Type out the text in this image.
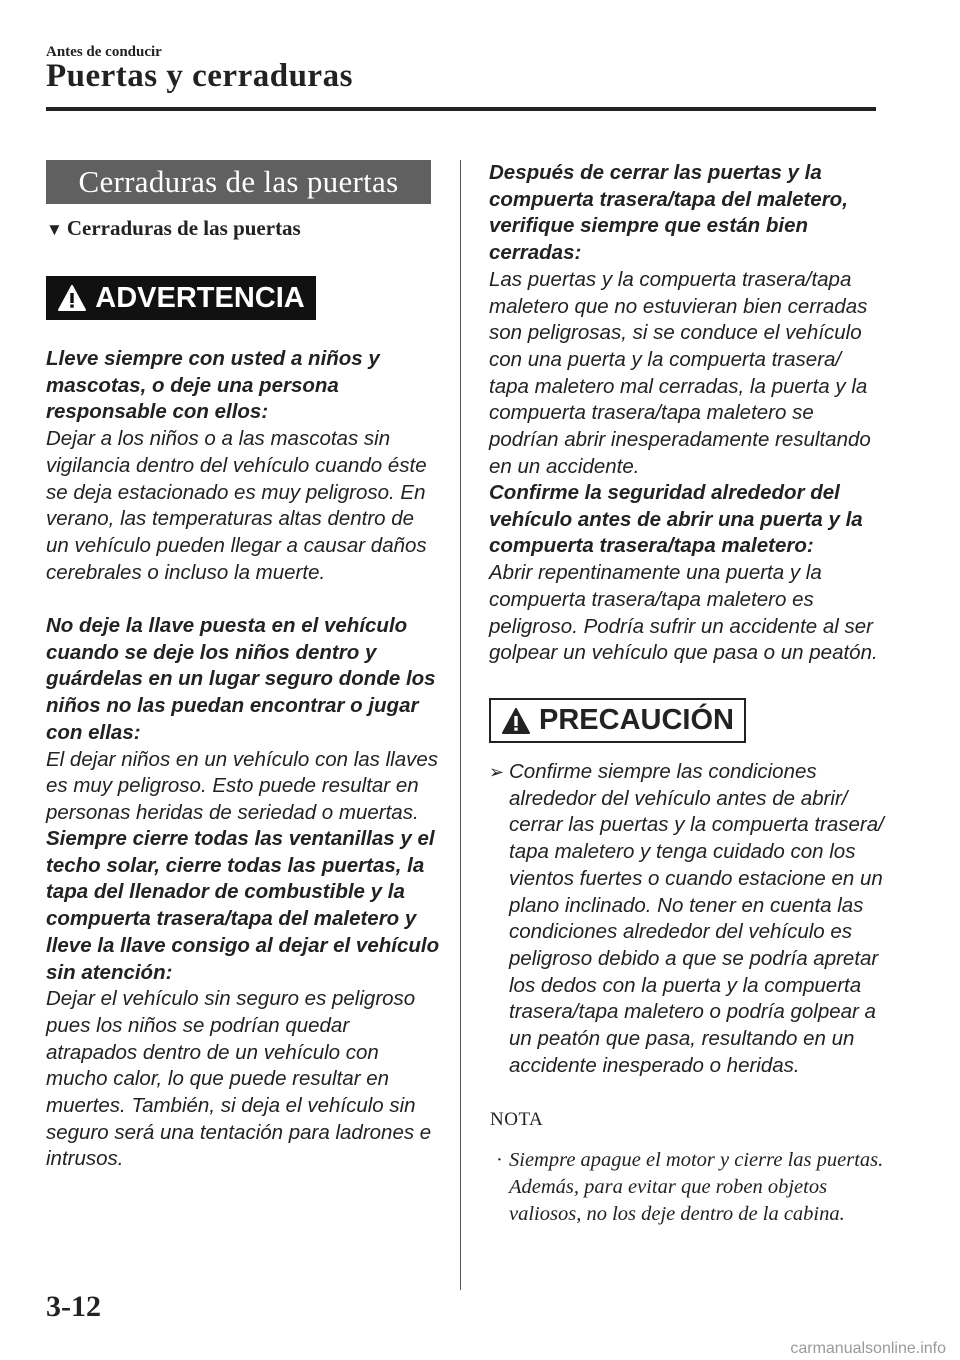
Antes de conducir
Puertas y cerraduras
Cerraduras de las puertas
▼ Cerraduras de las puertas
ADVERTENCIA
Lleve siempre con usted a niños y mascotas, o deje una persona responsable con ellos:
Dejar a los niños o a las mascotas sin vigilancia dentro del vehículo cuando éste se deja estacionado es muy peligroso. En verano, las temperaturas altas dentro de un vehículo pueden llegar a causar daños cerebrales o incluso la muerte.
No deje la llave puesta en el vehículo cuando se deje los niños dentro y guárdelas en un lugar seguro donde los niños no las puedan encontrar o jugar con ellas:
El dejar niños en un vehículo con las llaves es muy peligroso. Esto puede resultar en personas heridas de seriedad o muertas.
Siempre cierre todas las ventanillas y el techo solar, cierre todas las puertas, la tapa del llenador de combustible y la compuerta trasera/tapa del maletero y lleve la llave consigo al dejar el vehículo sin atención:
Dejar el vehículo sin seguro es peligroso pues los niños se podrían quedar atrapados dentro de un vehículo con mucho calor, lo que puede resultar en muertes. También, si deja el vehículo sin seguro será una tentación para ladrones e intrusos.
Después de cerrar las puertas y la compuerta trasera/tapa del maletero, verifique siempre que están bien cerradas:
Las puertas y la compuerta trasera/tapa maletero que no estuvieran bien cerradas son peligrosas, si se conduce el vehículo con una puerta y la compuerta trasera/ tapa maletero mal cerradas, la puerta y la compuerta trasera/tapa maletero se podrían abrir inesperadamente resultando en un accidente.
Confirme la seguridad alrededor del vehículo antes de abrir una puerta y la compuerta trasera/tapa maletero:
Abrir repentinamente una puerta y la compuerta trasera/tapa maletero es peligroso. Podría sufrir un accidente al ser golpear un vehículo que pasa o un peatón.
PRECAUCIÓN
➢ Confirme siempre las condiciones alrededor del vehículo antes de abrir/ cerrar las puertas y la compuerta trasera/ tapa maletero y tenga cuidado con los vientos fuertes o cuando estacione en un plano inclinado. No tener en cuenta las condiciones alrededor del vehículo es peligroso debido a que se podría apretar los dedos con la puerta y la compuerta trasera/tapa maletero o podría golpear a un peatón que pasa, resultando en un accidente inesperado o heridas.
NOTA
· Siempre apague el motor y cierre las puertas. Además, para evitar que roben objetos valiosos, no los deje dentro de la cabina.
3-12
carmanualsonline.info
